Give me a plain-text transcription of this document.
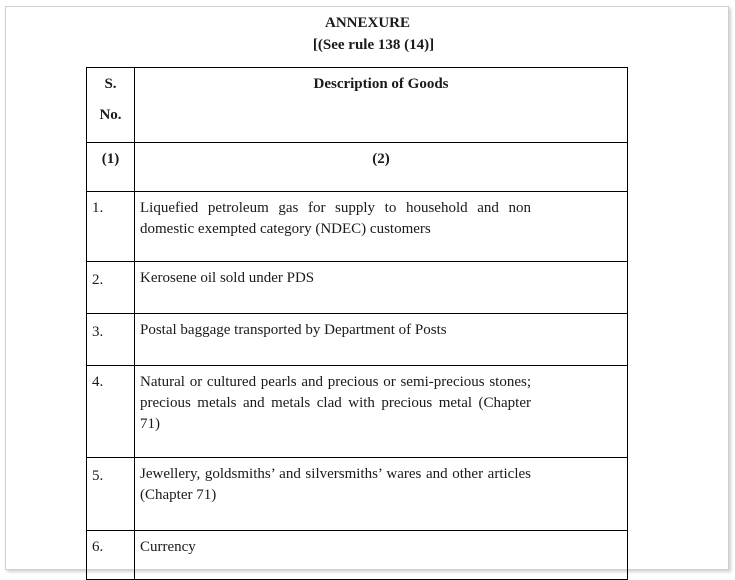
ANNEXURE
[(See rule 138 (14)]
S.
No.	Description of Goods
(1)	(2)
1.	Liquefied petroleum gas for supply to household and non domestic exempted category (NDEC) customers

2.	Kerosene oil sold under PDS

3.	Postal baggage transported by Department of Posts

4.	Natural or cultured pearls and precious or semi-precious stones; precious metals and metals clad with precious metal (Chapter 71)

5.	Jewellery, goldsmiths’ and silversmiths’ wares and other articles (Chapter 71)

6.	Currency
